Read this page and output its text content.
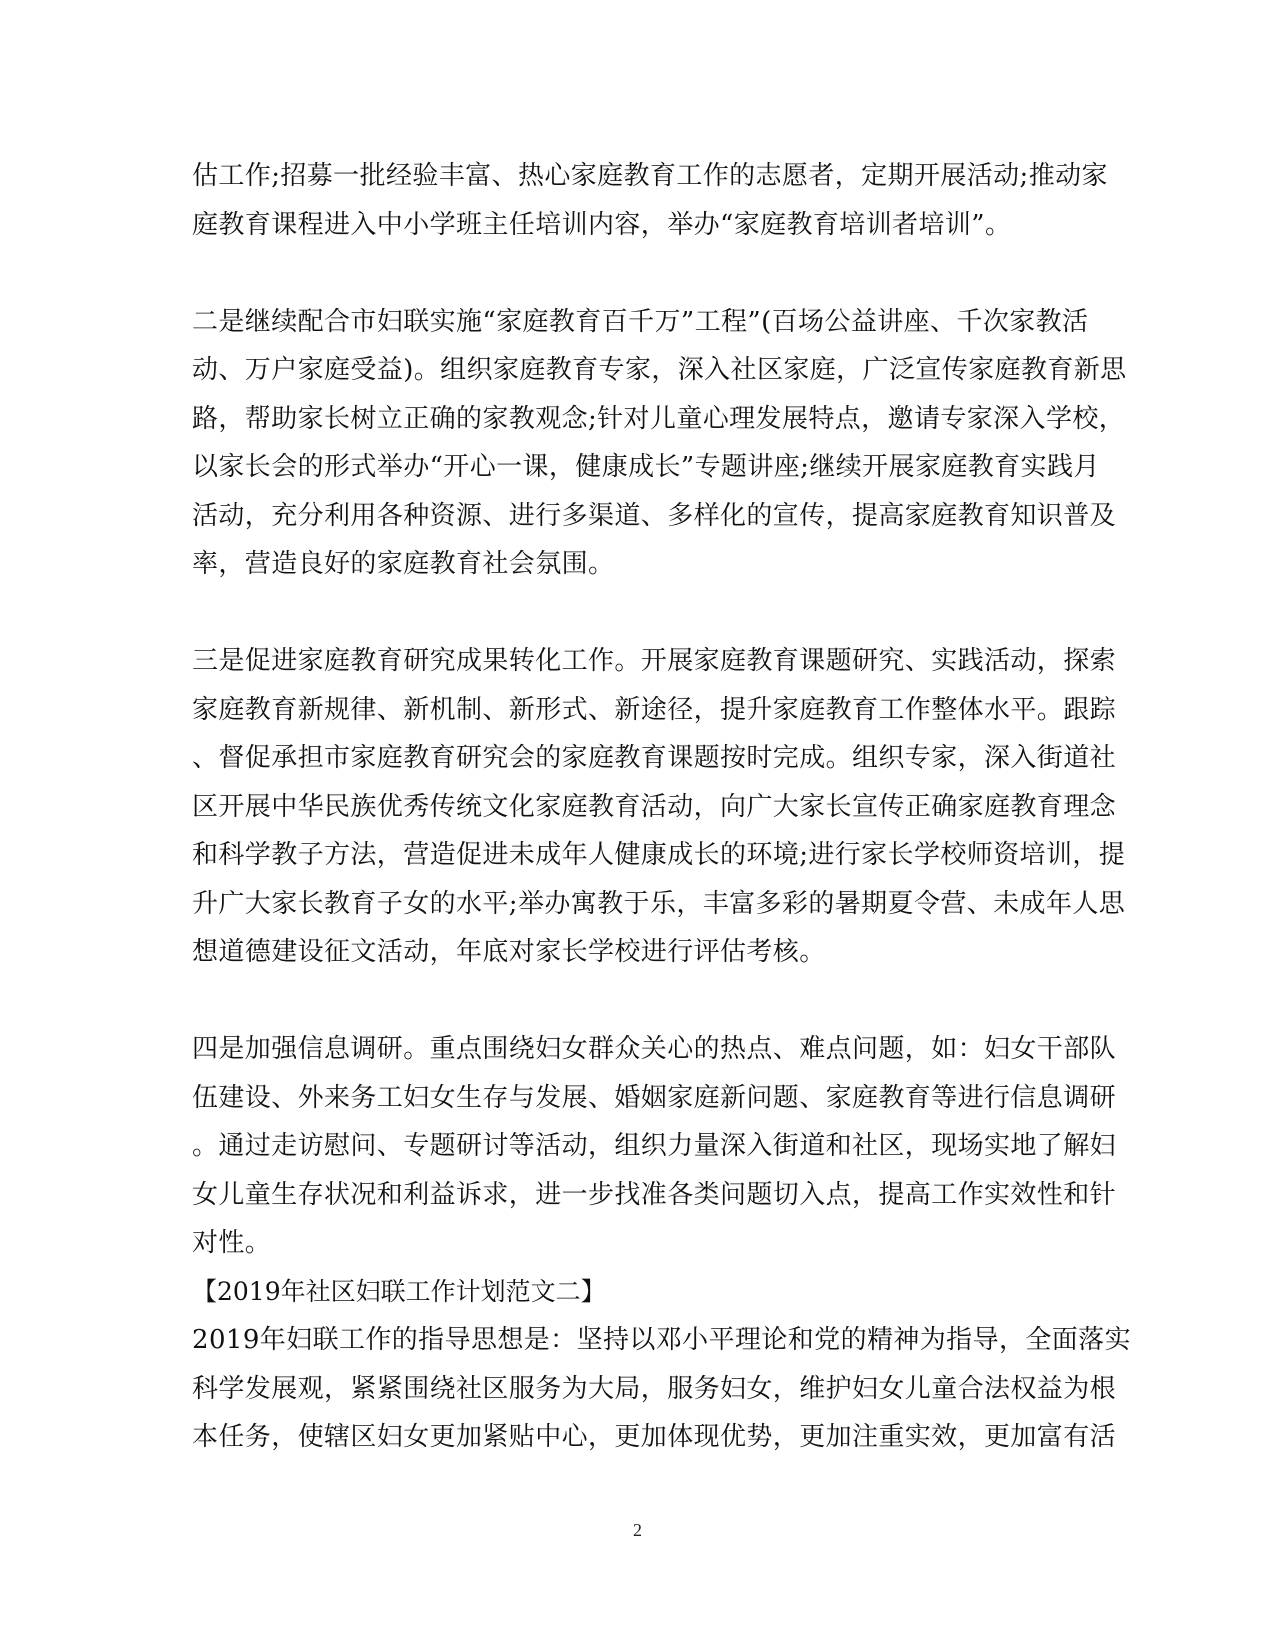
估工作;招募一批经验丰富、热心家庭教育工作的志愿者，定期开展活动;推动家
庭教育课程进入中小学班主任培训内容，举办“家庭教育培训者培训”。
二是继续配合市妇联实施“家庭教育百千万”工程”(百场公益讲座、千次家教活
动、万户家庭受益)。组织家庭教育专家，深入社区家庭，广泛宣传家庭教育新思
路，帮助家长树立正确的家教观念;针对儿童心理发展特点，邀请专家深入学校，
以家长会的形式举办“开心一课，健康成长”专题讲座;继续开展家庭教育实践月
活动，充分利用各种资源、进行多渠道、多样化的宣传，提高家庭教育知识普及
率，营造良好的家庭教育社会氛围。
三是促进家庭教育研究成果转化工作。开展家庭教育课题研究、实践活动，探索
家庭教育新规律、新机制、新形式、新途径，提升家庭教育工作整体水平。跟踪
、督促承担市家庭教育研究会的家庭教育课题按时完成。组织专家，深入街道社
区开展中华民族优秀传统文化家庭教育活动，向广大家长宣传正确家庭教育理念
和科学教子方法，营造促进未成年人健康成长的环境;进行家长学校师资培训，提
升广大家长教育子女的水平;举办寓教于乐，丰富多彩的暑期夏令营、未成年人思
想道德建设征文活动，年底对家长学校进行评估考核。
四是加强信息调研。重点围绕妇女群众关心的热点、难点问题，如：妇女干部队
伍建设、外来务工妇女生存与发展、婚姻家庭新问题、家庭教育等进行信息调研
。通过走访慰问、专题研讨等活动，组织力量深入街道和社区，现场实地了解妇
女儿童生存状况和利益诉求，进一步找准各类问题切入点，提高工作实效性和针
对性。
【2019年社区妇联工作计划范文二】
2019年妇联工作的指导思想是：坚持以邓小平理论和党的精神为指导，全面落实
科学发展观，紧紧围绕社区服务为大局，服务妇女，维护妇女儿童合法权益为根
本任务，使辖区妇女更加紧贴中心，更加体现优势，更加注重实效，更加富有活
2
